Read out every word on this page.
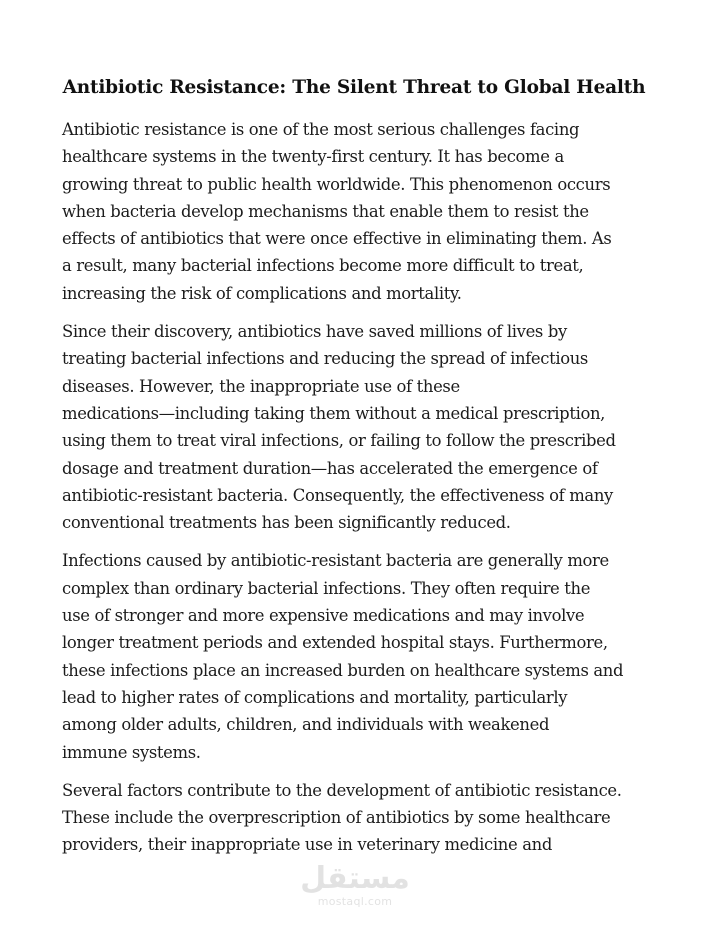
Antibiotic Resistance: The Silent Threat to Global Health

Antibiotic resistance is one of the most serious challenges facing
healthcare systems in the twenty-first century. It has become a
growing threat to public health worldwide. This phenomenon occurs
when bacteria develop mechanisms that enable them to resist the
effects of antibiotics that were once effective in eliminating them. As
a result, many bacterial infections become more difficult to treat,
increasing the risk of complications and mortality.

Since their discovery, antibiotics have saved millions of lives by
treating bacterial infections and reducing the spread of infectious
diseases. However, the inappropriate use of these
medications—including taking them without a medical prescription,
using them to treat viral infections, or failing to follow the prescribed
dosage and treatment duration—has accelerated the emergence of
antibiotic-resistant bacteria. Consequently, the effectiveness of many
conventional treatments has been significantly reduced.

Infections caused by antibiotic-resistant bacteria are generally more
complex than ordinary bacterial infections. They often require the
use of stronger and more expensive medications and may involve
longer treatment periods and extended hospital stays. Furthermore,
these infections place an increased burden on healthcare systems and
lead to higher rates of complications and mortality, particularly
among older adults, children, and individuals with weakened
immune systems.

Several factors contribute to the development of antibiotic resistance.
These include the overprescription of antibiotics by some healthcare
providers, their inappropriate use in veterinary medicine and

مستقل
mostaql.com
